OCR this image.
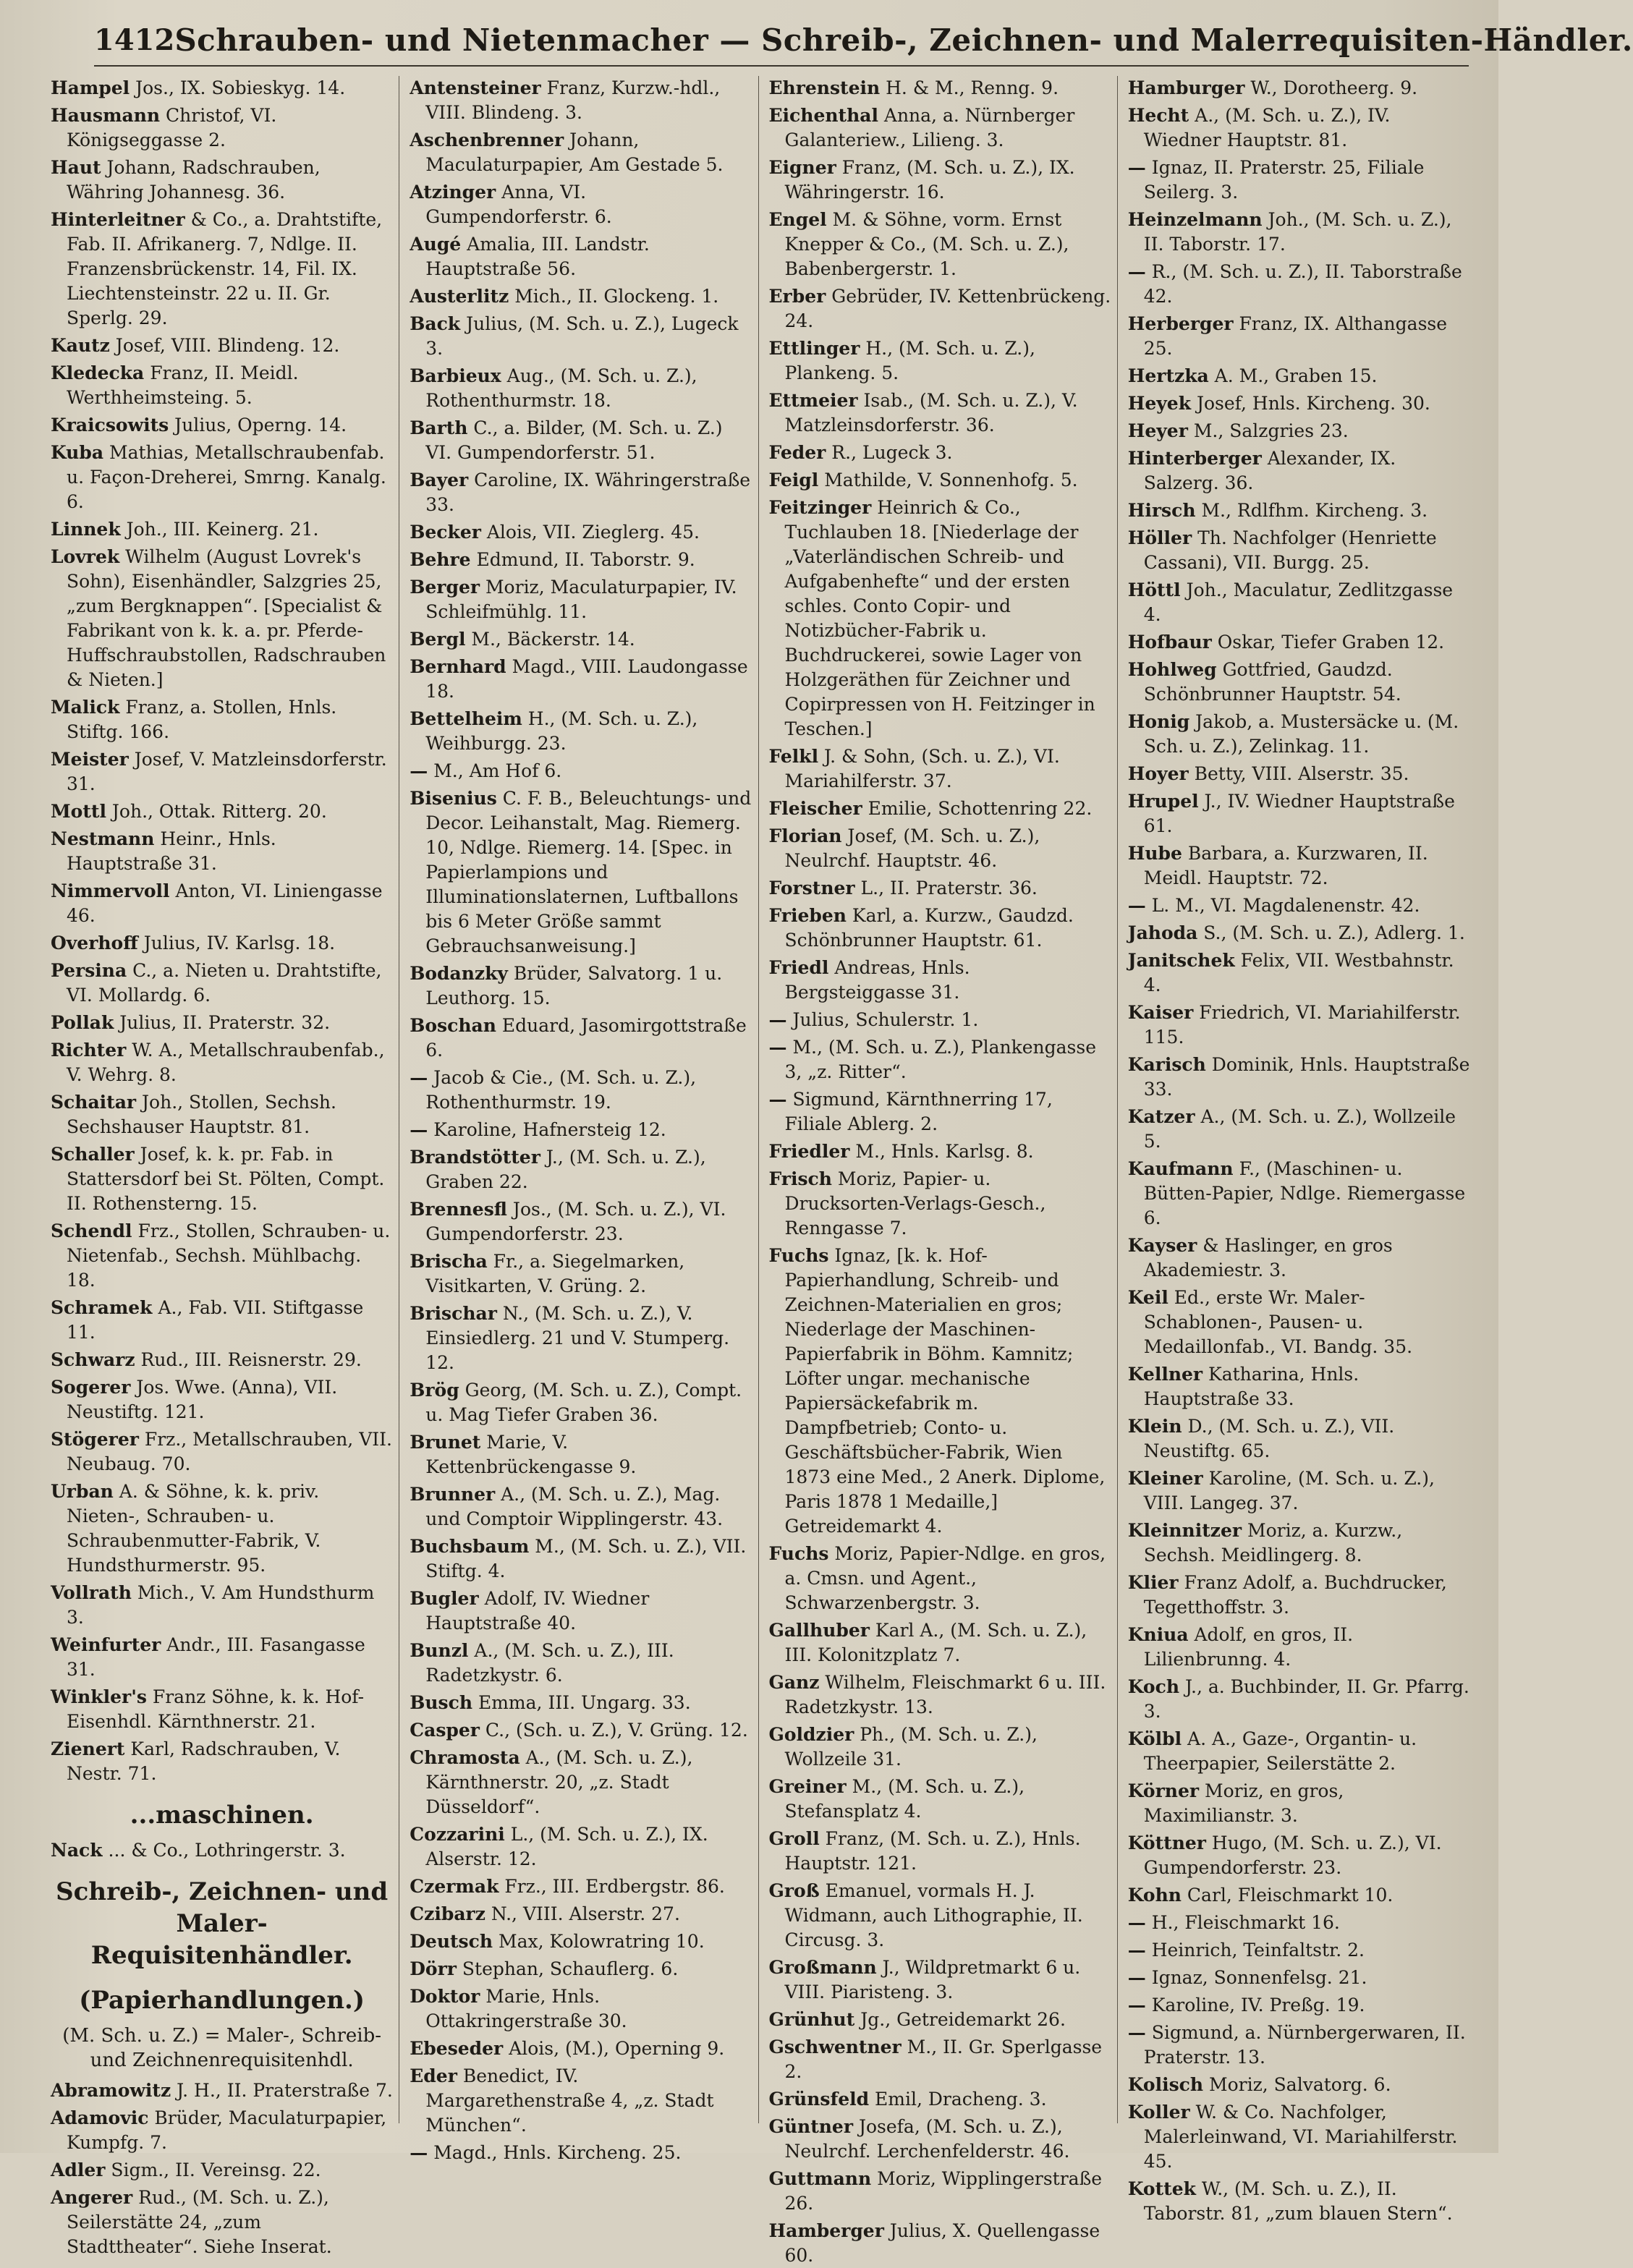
1412 Schrauben- und Nietenmacher — Schreib-, Zeichnen- und Malerrequisiten-Händler.

Hampel Jos., IX. Sobieskyg. 14.

Hausmann Christof, VI. Königseggasse 2.

Haut Johann, Radschrauben, Währing Johannesg. 36.

Hinterleitner & Co., a. Drahtstifte, Fab. II. Afrikanerg. 7, Ndlge. II. Franzensbrückenstr. 14, Fil. IX. Liechtensteinstr. 22 u. II. Gr. Sperlg. 29.

Kautz Josef, VIII. Blindeng. 12.

Kledecka Franz, II. Meidl. Werthheimsteing. 5.

Kraicsowits Julius, Operng. 14.

Kuba Mathias, Metallschraubenfab. u. Façon-Dreherei, Smrng. Kanalg. 6.

Linnek Joh., III. Keinerg. 21.

Lovrek Wilhelm (August Lovrek's Sohn), Eisenhändler, Salzgries 25, „zum Bergknappen“. [Specialist & Fabrikant von k. k. a. pr. Pferde-Huffschraubstollen, Radschrauben & Nieten.]

Malick Franz, a. Stollen, Hnls. Stiftg. 166.

Meister Josef, V. Matzleinsdorferstr. 31.

Mottl Joh., Ottak. Ritterg. 20.

Nestmann Heinr., Hnls. Hauptstraße 31.

Nimmervoll Anton, VI. Liniengasse 46.

Overhoff Julius, IV. Karlsg. 18.

Persina C., a. Nieten u. Drahtstifte, VI. Mollardg. 6.

Pollak Julius, II. Praterstr. 32.

Richter W. A., Metallschraubenfab., V. Wehrg. 8.

Schaitar Joh., Stollen, Sechsh. Sechshauser Hauptstr. 81.

Schaller Josef, k. k. pr. Fab. in Stattersdorf bei St. Pölten, Compt. II. Rothensterng. 15.

Schendl Frz., Stollen, Schrauben- u. Nietenfab., Sechsh. Mühlbachg. 18.

Schramek A., Fab. VII. Stiftgasse 11.

Schwarz Rud., III. Reisnerstr. 29.

Sogerer Jos. Wwe. (Anna), VII. Neustiftg. 121.

Stögerer Frz., Metallschrauben, VII. Neubaug. 70.

Urban A. & Söhne, k. k. priv. Nieten-, Schrauben- u. Schraubenmutter-Fabrik, V. Hundsthurmerstr. 95.

Vollrath Mich., V. Am Hundsthurm 3.

Weinfurter Andr., III. Fasangasse 31.

Winkler's Franz Söhne, k. k. Hof-Eisenhdl. Kärnthnerstr. 21.

Zienert Karl, Radschrauben, V. Nestr. 71.

...maschinen.

Nack ... & Co., Lothringerstr. 3.

Schreib-, Zeichnen- und Maler-Requisitenhändler.
(Papierhandlungen.)
(M. Sch. u. Z.) = Maler-, Schreib- und Zeichnenrequisitenhdl.

Abramowitz J. H., II. Praterstraße 7.

Adamovic Brüder, Maculaturpapier, Kumpfg. 7.

Adler Sigm., II. Vereinsg. 22.

Angerer Rud., (M. Sch. u. Z.), Seilerstätte 24, „zum Stadttheater“. Siehe Inserat.

Antensteiner Franz, Kurzw.-hdl., VIII. Blindeng. 3.

Aschenbrenner Johann, Maculaturpapier, Am Gestade 5.

Atzinger Anna, VI. Gumpendorferstr. 6.

Augé Amalia, III. Landstr. Hauptstraße 56.

Austerlitz Mich., II. Glockeng. 1.

Back Julius, (M. Sch. u. Z.), Lugeck 3.

Barbieux Aug., (M. Sch. u. Z.), Rothenthurmstr. 18.

Barth C., a. Bilder, (M. Sch. u. Z.) VI. Gumpendorferstr. 51.

Bayer Caroline, IX. Währingerstraße 33.

Becker Alois, VII. Zieglerg. 45.

Behre Edmund, II. Taborstr. 9.

Berger Moriz, Maculaturpapier, IV. Schleifmühlg. 11.

Bergl M., Bäckerstr. 14.

Bernhard Magd., VIII. Laudongasse 18.

Bettelheim H., (M. Sch. u. Z.), Weihburgg. 23.

— M., Am Hof 6.

Bisenius C. F. B., Beleuchtungs- und Decor. Leihanstalt, Mag. Riemerg. 10, Ndlge. Riemerg. 14. [Spec. in Papierlampions und Illuminationslaternen, Luftballons bis 6 Meter Größe sammt Gebrauchsanweisung.]

Bodanzky Brüder, Salvatorg. 1 u. Leuthorg. 15.

Boschan Eduard, Jasomirgottstraße 6.

— Jacob & Cie., (M. Sch. u. Z.), Rothenthurmstr. 19.

— Karoline, Hafnersteig 12.

Brandstötter J., (M. Sch. u. Z.), Graben 22.

Brennesfl Jos., (M. Sch. u. Z.), VI. Gumpendorferstr. 23.

Brischa Fr., a. Siegelmarken, Visitkarten, V. Grüng. 2.

Brischar N., (M. Sch. u. Z.), V. Einsiedlerg. 21 und V. Stumperg. 12.

Brög Georg, (M. Sch. u. Z.), Compt. u. Mag Tiefer Graben 36.

Brunet Marie, V. Kettenbrückengasse 9.

Brunner A., (M. Sch. u. Z.), Mag. und Comptoir Wipplingerstr. 43.

Buchsbaum M., (M. Sch. u. Z.), VII. Stiftg. 4.

Bugler Adolf, IV. Wiedner Hauptstraße 40.

Bunzl A., (M. Sch. u. Z.), III. Radetzkystr. 6.

Busch Emma, III. Ungarg. 33.

Casper C., (Sch. u. Z.), V. Grüng. 12.

Chramosta A., (M. Sch. u. Z.), Kärnthnerstr. 20, „z. Stadt Düsseldorf“.

Cozzarini L., (M. Sch. u. Z.), IX. Alserstr. 12.

Czermak Frz., III. Erdbergstr. 86.

Czibarz N., VIII. Alserstr. 27.

Deutsch Max, Kolowratring 10.

Dörr Stephan, Schauflerg. 6.

Doktor Marie, Hnls. Ottakringerstraße 30.

Ebeseder Alois, (M.), Operning 9.

Eder Benedict, IV. Margarethenstraße 4, „z. Stadt München“.

— Magd., Hnls. Kircheng. 25.

Ehrenstein H. & M., Renng. 9.

Eichenthal Anna, a. Nürnberger Galanteriew., Lilieng. 3.

Eigner Franz, (M. Sch. u. Z.), IX. Währingerstr. 16.

Engel M. & Söhne, vorm. Ernst Knepper & Co., (M. Sch. u. Z.), Babenbergerstr. 1.

Erber Gebrüder, IV. Kettenbrückeng. 24.

Ettlinger H., (M. Sch. u. Z.), Plankeng. 5.

Ettmeier Isab., (M. Sch. u. Z.), V. Matzleinsdorferstr. 36.

Feder R., Lugeck 3.

Feigl Mathilde, V. Sonnenhofg. 5.

Feitzinger Heinrich & Co., Tuchlauben 18. [Niederlage der „Vaterländischen Schreib- und Aufgabenhefte“ und der ersten schles. Conto Copir- und Notizbücher-Fabrik u. Buchdruckerei, sowie Lager von Holzgeräthen für Zeichner und Copirpressen von H. Feitzinger in Teschen.]

Felkl J. & Sohn, (Sch. u. Z.), VI. Mariahilferstr. 37.

Fleischer Emilie, Schottenring 22.

Florian Josef, (M. Sch. u. Z.), Neulrchf. Hauptstr. 46.

Forstner L., II. Praterstr. 36.

Frieben Karl, a. Kurzw., Gaudzd. Schönbrunner Hauptstr. 61.

Friedl Andreas, Hnls. Bergsteiggasse 31.

— Julius, Schulerstr. 1.

— M., (M. Sch. u. Z.), Plankengasse 3, „z. Ritter“.

— Sigmund, Kärnthnerring 17, Filiale Ablerg. 2.

Friedler M., Hnls. Karlsg. 8.

Frisch Moriz, Papier- u. Drucksorten-Verlags-Gesch., Renngasse 7.

Fuchs Ignaz, [k. k. Hof-Papierhandlung, Schreib- und Zeichnen-Materialien en gros; Niederlage der Maschinen-Papierfabrik in Böhm. Kamnitz; Löfter ungar. mechanische Papiersäckefabrik m. Dampfbetrieb; Conto- u. Geschäftsbücher-Fabrik, Wien 1873 eine Med., 2 Anerk. Diplome, Paris 1878 1 Medaille,] Getreidemarkt 4.

Fuchs Moriz, Papier-Ndlge. en gros, a. Cmsn. und Agent., Schwarzenbergstr. 3.

Gallhuber Karl A., (M. Sch. u. Z.), III. Kolonitzplatz 7.

Ganz Wilhelm, Fleischmarkt 6 u. III. Radetzkystr. 13.

Goldzier Ph., (M. Sch. u. Z.), Wollzeile 31.

Greiner M., (M. Sch. u. Z.), Stefansplatz 4.

Groll Franz, (M. Sch. u. Z.), Hnls. Hauptstr. 121.

Groß Emanuel, vormals H. J. Widmann, auch Lithographie, II. Circusg. 3.

Großmann J., Wildpretmarkt 6 u. VIII. Piaristeng. 3.

Grünhut Jg., Getreidemarkt 26.

Gschwentner M., II. Gr. Sperlgasse 2.

Grünsfeld Emil, Dracheng. 3.

Güntner Josefa, (M. Sch. u. Z.), Neulrchf. Lerchenfelderstr. 46.

Guttmann Moriz, Wipplingerstraße 26.

Hamberger Julius, X. Quellengasse 60.

Hamburger W., Dorotheerg. 9.

Hecht A., (M. Sch. u. Z.), IV. Wiedner Hauptstr. 81.

— Ignaz, II. Praterstr. 25, Filiale Seilerg. 3.

Heinzelmann Joh., (M. Sch. u. Z.), II. Taborstr. 17.

— R., (M. Sch. u. Z.), II. Taborstraße 42.

Herberger Franz, IX. Althangasse 25.

Hertzka A. M., Graben 15.

Heyek Josef, Hnls. Kircheng. 30.

Heyer M., Salzgries 23.

Hinterberger Alexander, IX. Salzerg. 36.

Hirsch M., Rdlfhm. Kircheng. 3.

Höller Th. Nachfolger (Henriette Cassani), VII. Burgg. 25.

Höttl Joh., Maculatur, Zedlitzgasse 4.

Hofbaur Oskar, Tiefer Graben 12.

Hohlweg Gottfried, Gaudzd. Schönbrunner Hauptstr. 54.

Honig Jakob, a. Mustersäcke u. (M. Sch. u. Z.), Zelinkag. 11.

Hoyer Betty, VIII. Alserstr. 35.

Hrupel J., IV. Wiedner Hauptstraße 61.

Hube Barbara, a. Kurzwaren, II. Meidl. Hauptstr. 72.

— L. M., VI. Magdalenenstr. 42.

Jahoda S., (M. Sch. u. Z.), Adlerg. 1.

Janitschek Felix, VII. Westbahnstr. 4.

Kaiser Friedrich, VI. Mariahilferstr. 115.

Karisch Dominik, Hnls. Hauptstraße 33.

Katzer A., (M. Sch. u. Z.), Wollzeile 5.

Kaufmann F., (Maschinen- u. Bütten-Papier, Ndlge. Riemergasse 6.

Kayser & Haslinger, en gros Akademiestr. 3.

Keil Ed., erste Wr. Maler-Schablonen-, Pausen- u. Medaillonfab., VI. Bandg. 35.

Kellner Katharina, Hnls. Hauptstraße 33.

Klein D., (M. Sch. u. Z.), VII. Neustiftg. 65.

Kleiner Karoline, (M. Sch. u. Z.), VIII. Langeg. 37.

Kleinnitzer Moriz, a. Kurzw., Sechsh. Meidlingerg. 8.

Klier Franz Adolf, a. Buchdrucker, Tegetthoffstr. 3.

Kniua Adolf, en gros, II. Lilienbrunng. 4.

Koch J., a. Buchbinder, II. Gr. Pfarrg. 3.

Kölbl A. A., Gaze-, Organtin- u. Theerpapier, Seilerstätte 2.

Körner Moriz, en gros, Maximilianstr. 3.

Köttner Hugo, (M. Sch. u. Z.), VI. Gumpendorferstr. 23.

Kohn Carl, Fleischmarkt 10.

— H., Fleischmarkt 16.

— Heinrich, Teinfaltstr. 2.

— Ignaz, Sonnenfelsg. 21.

— Karoline, IV. Preßg. 19.

— Sigmund, a. Nürnbergerwaren, II. Praterstr. 13.

Kolisch Moriz, Salvatorg. 6.

Koller W. & Co. Nachfolger, Malerleinwand, VI. Mariahilferstr. 45.

Kottek W., (M. Sch. u. Z.), II. Taborstr. 81, „zum blauen Stern“.
